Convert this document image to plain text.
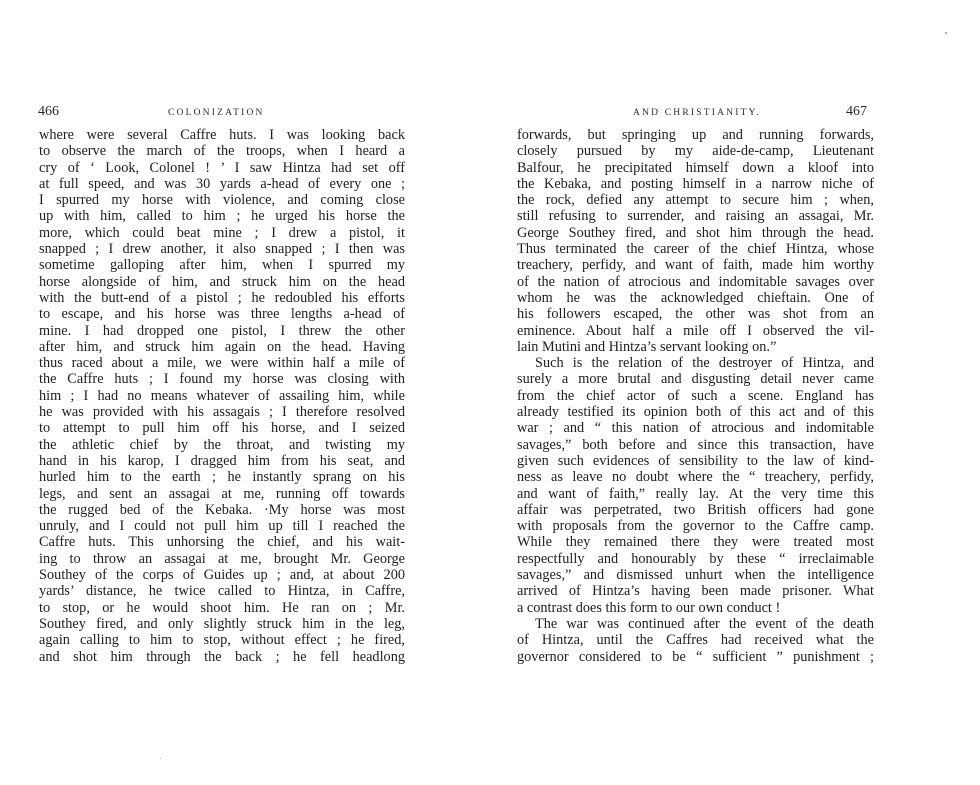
466	COLONIZATION
where were several Caffre huts. I was looking back
to observe the march of the troops, when I heard a
cry of ‘ Look, Colonel ! ’ I saw Hintza had set off
at full speed, and was 30 yards a-head of every one ;
I spurred my horse with violence, and coming close
up with him, called to him ; he urged his horse the
more, which could beat mine ; I drew a pistol, it
snapped ; I drew another, it also snapped ; I then was
sometime galloping after him, when I spurred my
horse alongside of him, and struck him on the head
with the butt-end of a pistol ; he redoubled his efforts
to escape, and his horse was three lengths a-head of
mine. I had dropped one pistol, I threw the other
after him, and struck him again on the head. Having
thus raced about a mile, we were within half a mile of
the Caffre huts ; I found my horse was closing with
him ; I had no means whatever of assailing him, while
he was provided with his assagais ; I therefore resolved
to attempt to pull him off his horse, and I seized
the athletic chief by the throat, and twisting my
hand in his karop, I dragged him from his seat, and
hurled him to the earth ; he instantly sprang on his
legs, and sent an assagai at me, running off towards
the rugged bed of the Kebaka. ·My horse was most
unruly, and I could not pull him up till I reached the
Caffre huts. This unhorsing the chief, and his wait-
ing to throw an assagai at me, brought Mr. George
Southey of the corps of Guides up ; and, at about 200
yards’ distance, he twice called to Hintza, in Caffre,
to stop, or he would shoot him. He ran on ; Mr.
Southey fired, and only slightly struck him in the leg,
again calling to him to stop, without effect ; he fired,
and shot him through the back ; he fell headlong
AND CHRISTIANITY.	467
forwards, but springing up and running forwards,
closely pursued by my aide-de-camp, Lieutenant
Balfour, he precipitated himself down a kloof into
the Kebaka, and posting himself in a narrow niche of
the rock, defied any attempt to secure him ; when,
still refusing to surrender, and raising an assagai, Mr.
George Southey fired, and shot him through the head.
Thus terminated the career of the chief Hintza, whose
treachery, perfidy, and want of faith, made him worthy
of the nation of atrocious and indomitable savages over
whom he was the acknowledged chieftain. One of
his followers escaped, the other was shot from an
eminence. About half a mile off I observed the vil-
lain Mutini and Hintza’s servant looking on.”
Such is the relation of the destroyer of Hintza, and
surely a more brutal and disgusting detail never came
from the chief actor of such a scene. England has
already testified its opinion both of this act and of this
war ; and “ this nation of atrocious and indomitable
savages,” both before and since this transaction, have
given such evidences of sensibility to the law of kind-
ness as leave no doubt where the “ treachery, perfidy,
and want of faith,” really lay. At the very time this
affair was perpetrated, two British officers had gone
with proposals from the governor to the Caffre camp.
While they remained there they were treated most
respectfully and honourably by these “ irreclaimable
savages,” and dismissed unhurt when the intelligence
arrived of Hintza’s having been made prisoner. What
a contrast does this form to our own conduct !
The war was continued after the event of the death
of Hintza, until the Caffres had received what the
governor considered to be “ sufficient ” punishment ;
